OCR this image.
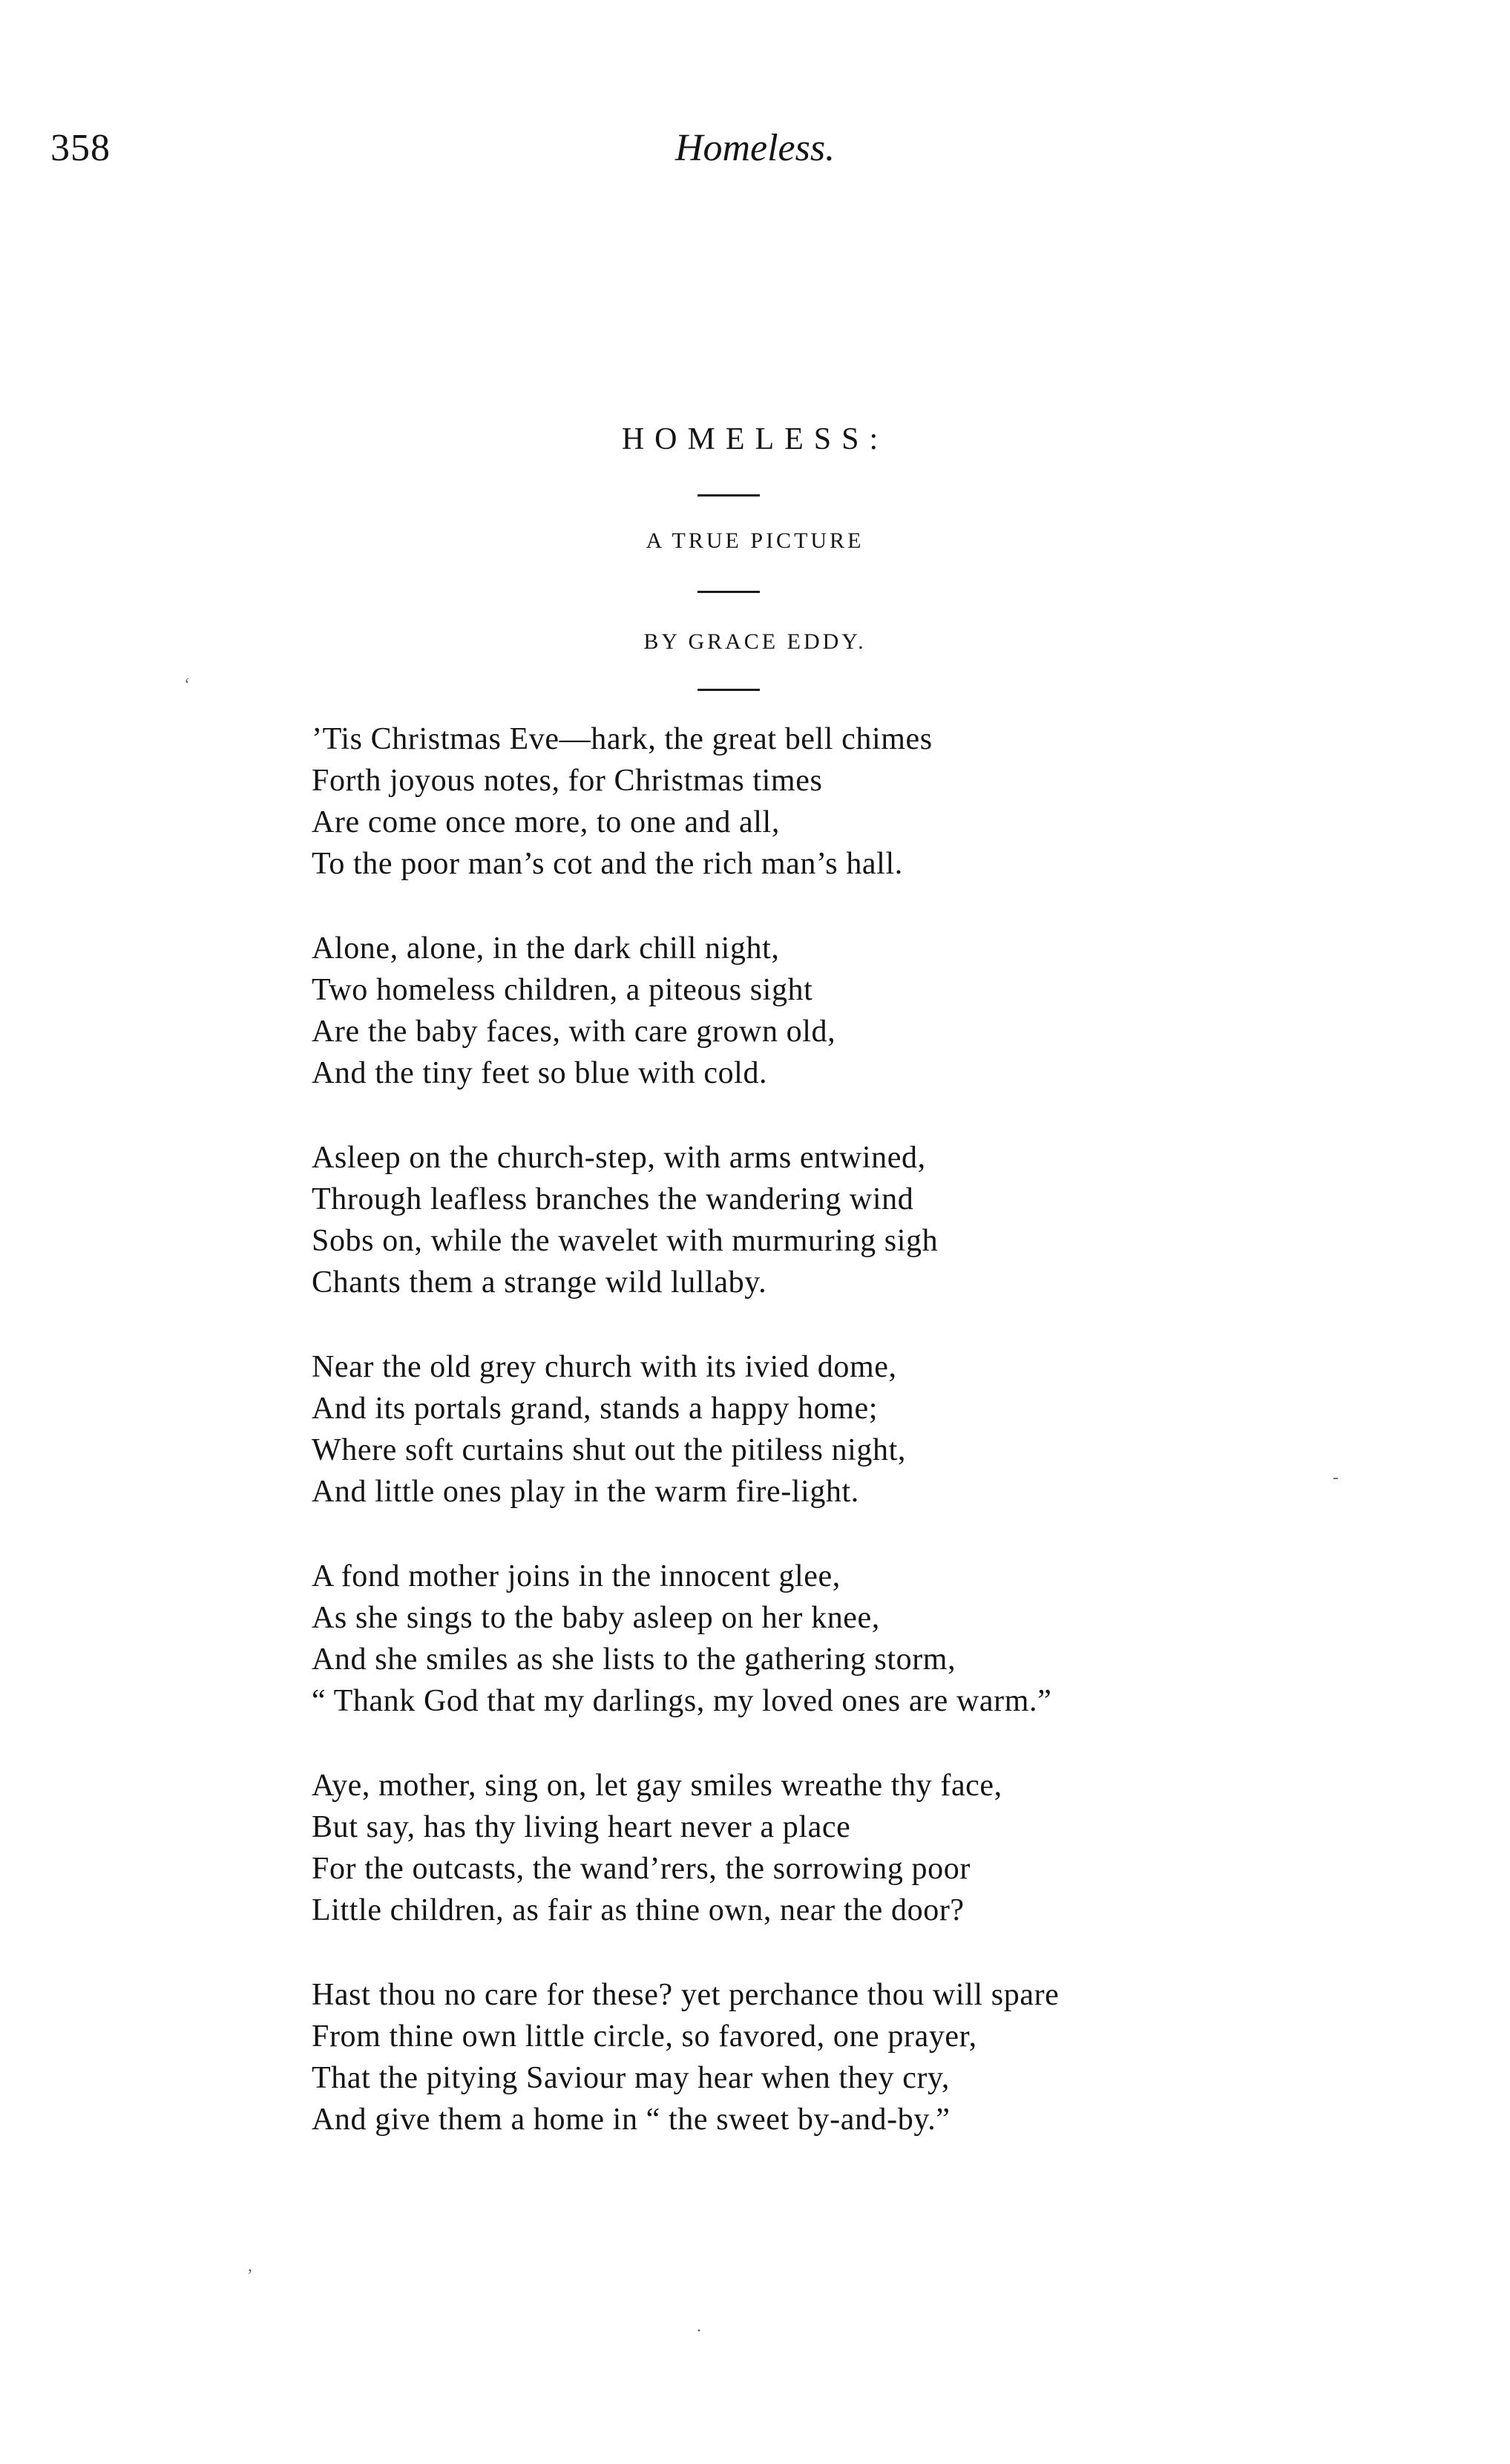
358	Homeless.
HOMELESS:
A TRUE PICTURE
BY GRACE EDDY.
‘
’Tis Christmas Eve—hark, the great bell chimes
Forth joyous notes, for Christmas times
Are come once more, to one and all,
To the poor man’s cot and the rich man’s hall.
Alone, alone, in the dark chill night,
Two homeless children, a piteous sight
Are the baby faces, with care grown old,
And the tiny feet so blue with cold.
Asleep on the church-step, with arms entwined,
Through leafless branches the wandering wind
Sobs on, while the wavelet with murmuring sigh
Chants them a strange wild lullaby.
Near the old grey church with its ivied dome,
And its portals grand, stands a happy home;
Where soft curtains shut out the pitiless night,
And little ones play in the warm fire-light.
A fond mother joins in the innocent glee,
As she sings to the baby asleep on her knee,
And she smiles as she lists to the gathering storm,
“ Thank God that my darlings, my loved ones are warm.”
Aye, mother, sing on, let gay smiles wreathe thy face,
But say, has thy living heart never a place
For the outcasts, the wand’rers, the sorrowing poor
Little children, as fair as thine own, near the door?
Hast thou no care for these? yet perchance thou will spare
From thine own little circle, so favored, one prayer,
That the pitying Saviour may hear when they cry,
And give them a home in “ the sweet by-and-by.”
-
,
·
